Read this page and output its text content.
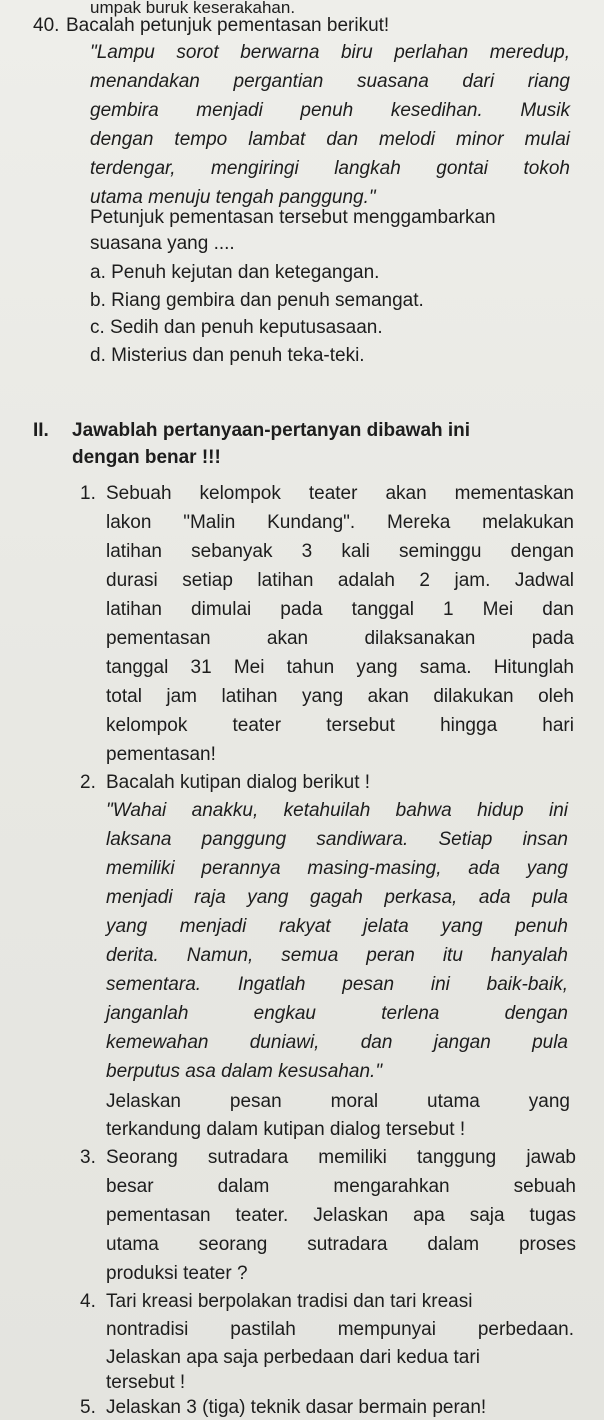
umpak buruk keserakahan.
40. Bacalah petunjuk pementasan berikut!
"Lampu sorot berwarna biru perlahan meredup,
menandakan pergantian suasana dari riang
gembira menjadi penuh kesedihan. Musik
dengan tempo lambat dan melodi minor mulai
terdengar, mengiringi langkah gontai tokoh
utama menuju tengah panggung."
Petunjuk pementasan tersebut menggambarkan
suasana yang ....
a. Penuh kejutan dan ketegangan.
b. Riang gembira dan penuh semangat.
c. Sedih dan penuh keputusasaan.
d. Misterius dan penuh teka-teki.
II. Jawablah pertanyaan-pertanyan dibawah ini
dengan benar !!!
1. Sebuah kelompok teater akan mementaskan
lakon "Malin Kundang". Mereka melakukan
latihan sebanyak 3 kali seminggu dengan
durasi setiap latihan adalah 2 jam. Jadwal
latihan dimulai pada tanggal 1 Mei dan
pementasan akan dilaksanakan pada
tanggal 31 Mei tahun yang sama. Hitunglah
total jam latihan yang akan dilakukan oleh
kelompok teater tersebut hingga hari
pementasan!
2. Bacalah kutipan dialog berikut !
"Wahai anakku, ketahuilah bahwa hidup ini
laksana panggung sandiwara. Setiap insan
memiliki perannya masing-masing, ada yang
menjadi raja yang gagah perkasa, ada pula
yang menjadi rakyat jelata yang penuh
derita. Namun, semua peran itu hanyalah
sementara. Ingatlah pesan ini baik-baik,
janganlah engkau terlena dengan
kemewahan duniawi, dan jangan pula
berputus asa dalam kesusahan."
Jelaskan pesan moral utama yang
terkandung dalam kutipan dialog tersebut !
3. Seorang sutradara memiliki tanggung jawab
besar dalam mengarahkan sebuah
pementasan teater. Jelaskan apa saja tugas
utama seorang sutradara dalam proses
produksi teater ?
4. Tari kreasi berpolakan tradisi dan tari kreasi
nontradisi pastilah mempunyai perbedaan.
Jelaskan apa saja perbedaan dari kedua tari
tersebut !
5. Jelaskan 3 (tiga) teknik dasar bermain peran!
